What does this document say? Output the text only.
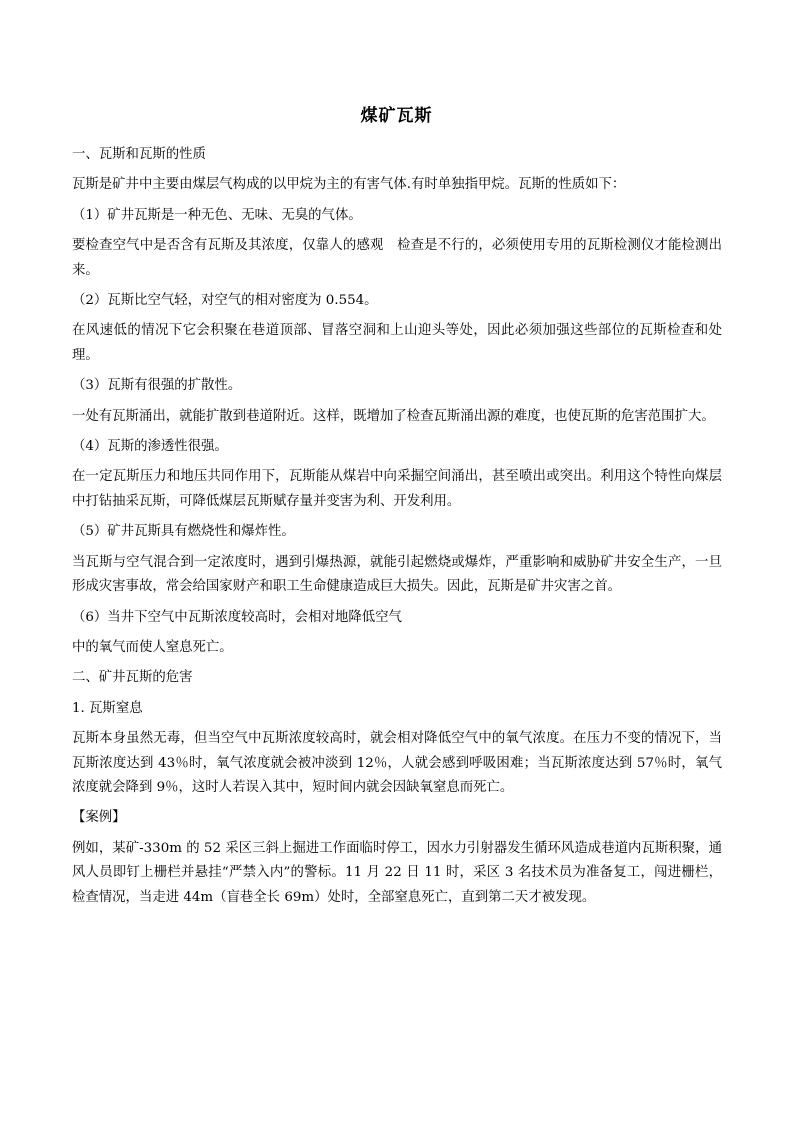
煤矿瓦斯

一、瓦斯和瓦斯的性质

瓦斯是矿井中主要由煤层气构成的以甲烷为主的有害气体.有时单独指甲烷。瓦斯的性质如下：

（1）矿井瓦斯是一种无色、无味、无臭的气体。

要检查空气中是否含有瓦斯及其浓度，仅靠人的感观　检查是不行的，必须使用专用的瓦斯检测仪才能检测出来。

（2）瓦斯比空气轻，对空气的相对密度为 0.554。

在风速低的情况下它会积聚在巷道顶部、冒落空洞和上山迎头等处，因此必须加强这些部位的瓦斯检查和处理。

（3）瓦斯有很强的扩散性。

一处有瓦斯涌出，就能扩散到巷道附近。这样，既增加了检查瓦斯涌出源的难度，也使瓦斯的危害范围扩大。

（4）瓦斯的渗透性很强。

在一定瓦斯压力和地压共同作用下，瓦斯能从煤岩中向采掘空间涌出，甚至喷出或突出。利用这个特性向煤层中打钻抽采瓦斯，可降低煤层瓦斯赋存量并变害为利、开发利用。

（5）矿井瓦斯具有燃烧性和爆炸性。

当瓦斯与空气混合到一定浓度时，遇到引爆热源，就能引起燃烧或爆炸，严重影响和威胁矿井安全生产，一旦形成灾害事故，常会给国家财产和职工生命健康造成巨大损失。因此，瓦斯是矿井灾害之首。

（6）当井下空气中瓦斯浓度较高时，会相对地降低空气

中的氧气而使人窒息死亡。

二、矿井瓦斯的危害

1. 瓦斯窒息

瓦斯本身虽然无毒，但当空气中瓦斯浓度较高时，就会相对降低空气中的氧气浓度。在压力不变的情况下，当瓦斯浓度达到 43％时，氧气浓度就会被冲淡到 12％，人就会感到呼吸困难；当瓦斯浓度达到 57％时，氧气浓度就会降到 9％，这时人若误入其中，短时间内就会因缺氧窒息而死亡。

【案例】

例如，某矿-330m 的 52 采区三斜上掘进工作面临时停工，因水力引射器发生循环风造成巷道内瓦斯积聚，通风人员即钉上栅栏并悬挂“严禁入内”的警标。11 月 22 日 11 时，采区 3 名技术员为准备复工，闯进栅栏，检查情况，当走进 44m（盲巷全长 69m）处时，全部窒息死亡，直到第二天才被发现。
